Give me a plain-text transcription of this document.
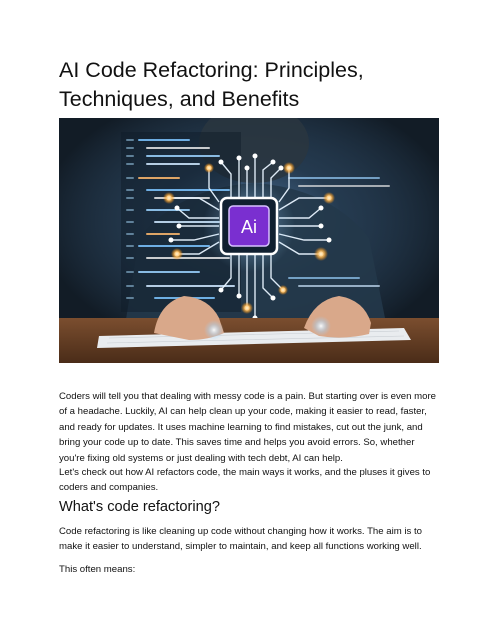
AI Code Refactoring: Principles, Techniques, and Benefits
Ai

Coders will tell you that dealing with messy code is a pain. But starting over is even more of a headache. Luckily, AI can help clean up your code, making it easier to read, faster, and ready for updates. It uses machine learning to find mistakes, cut out the junk, and bring your code up to date. This saves time and helps you avoid errors. So, whether you're fixing old systems or just dealing with tech debt, AI can help.

Let's check out how AI refactors code, the main ways it works, and the pluses it gives to coders and companies.

What's code refactoring?

Code refactoring is like cleaning up code without changing how it works. The aim is to make it easier to understand, simpler to maintain, and keep all functions working well.

This often means:
